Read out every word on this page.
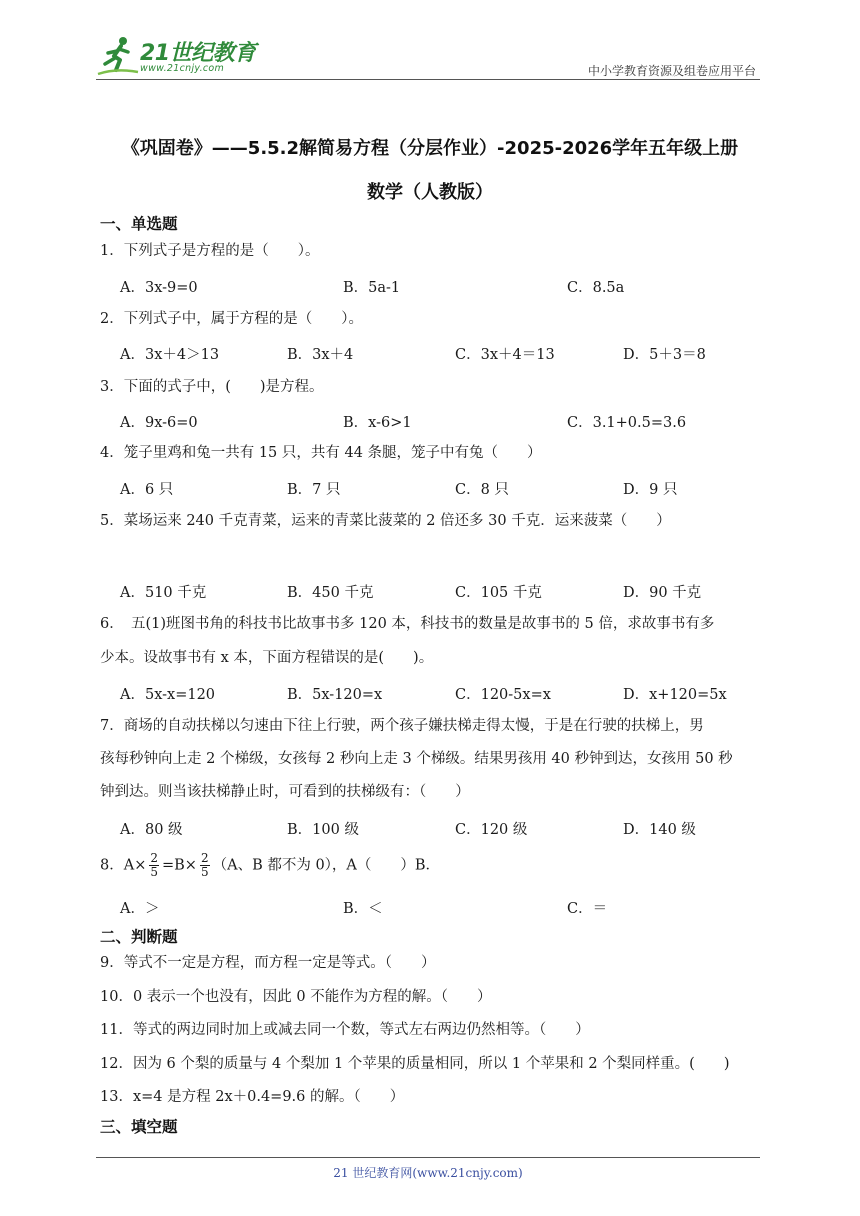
21世纪教育
www.21cnjy.com	中小学教育资源及组卷应用平台
《巩固卷》——5.5.2解简易方程（分层作业）-2025-2026学年五年级上册
数学（人教版）
一、单选题
1．下列式子是方程的是（　　）。
A．3x-9=0	B．5a-1	C．8.5a
2．下列式子中，属于方程的是（　　）。
A．3x＋4＞13	B．3x＋4	C．3x＋4＝13	D．5＋3＝8
3．下面的式子中，(　　)是方程。
A．9x-6=0	B．x-6>1	C．3.1+0.5=3.6
4．笼子里鸡和兔一共有 15 只，共有 44 条腿，笼子中有兔（　　）
A．6 只	B．7 只	C．8 只	D．9 只
5．菜场运来 240 千克青菜，运来的青菜比菠菜的 2 倍还多 30 千克．运来菠菜（　　）
A．510 千克	B．450 千克	C．105 千克	D．90 千克
6．　五(1)班图书角的科技书比故事书多 120 本，科技书的数量是故事书的 5 倍，求故事书有多
少本。设故事书有 x 本，下面方程错误的是(　　)。
A．5x-x=120	B．5x-120=x	C．120-5x=x	D．x+120=5x
7．商场的自动扶梯以匀速由下往上行驶，两个孩子嫌扶梯走得太慢，于是在行驶的扶梯上，男
孩每秒钟向上走 2 个梯级，女孩每 2 秒向上走 3 个梯级。结果男孩用 40 秒钟到达，女孩用 50 秒
钟到达。则当该扶梯静止时，可看到的扶梯级有：（　　）
A．80 级	B．100 级	C．120 级	D．140 级
8．$A\times \frac{2}{5} =B\times \frac{2}{5} (A$、B 都不为 0），A（　　）B．
A．＞	B．＜	C．＝
二、判断题
9．等式不一定是方程，而方程一定是等式。（　　）
10．0 表示一个也没有，因此 0 不能作为方程的解。（　　）
11．等式的两边同时加上或减去同一个数，等式左右两边仍然相等。（　　）
12．因为 6 个梨的质量与 4 个梨加 1 个苹果的质量相同，所以 1 个苹果和 2 个梨同样重。(　　)
13．x=4 是方程 2x＋0.4=9.6 的解。（　　）
三、填空题
21 世纪教育网(www.21cnjy.com)
